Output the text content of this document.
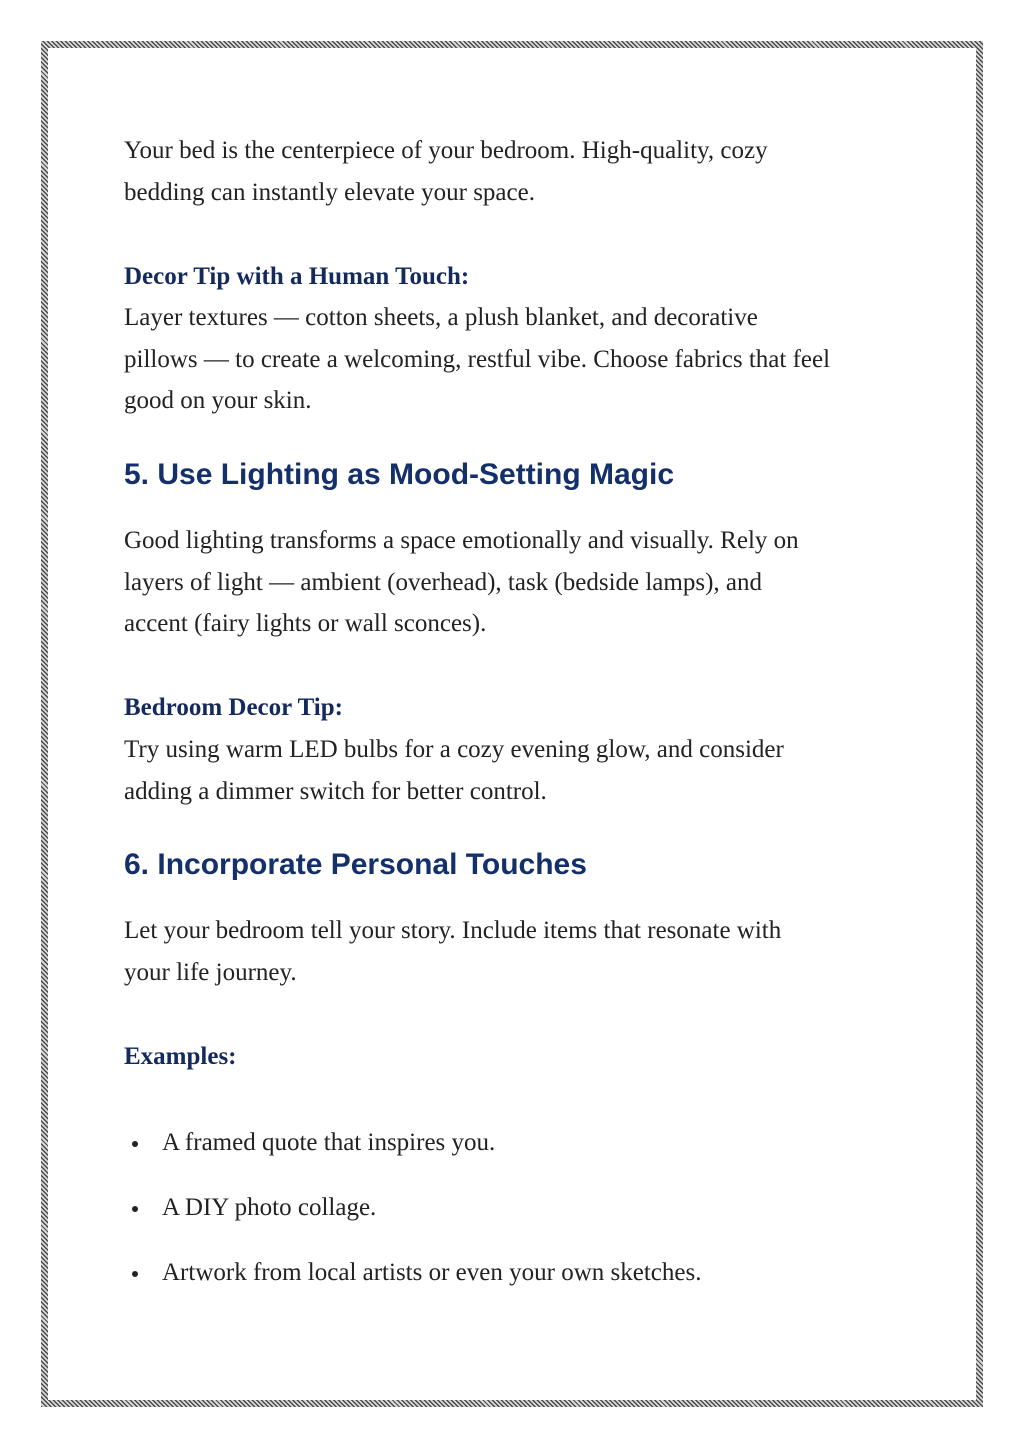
Your bed is the centerpiece of your bedroom. High-quality, cozy
bedding can instantly elevate your space.
Decor Tip with a Human Touch:
Layer textures — cotton sheets, a plush blanket, and decorative
pillows — to create a welcoming, restful vibe. Choose fabrics that feel
good on your skin.
5. Use Lighting as Mood-Setting Magic
Good lighting transforms a space emotionally and visually. Rely on
layers of light — ambient (overhead), task (bedside lamps), and
accent (fairy lights or wall sconces).
Bedroom Decor Tip:
Try using warm LED bulbs for a cozy evening glow, and consider
adding a dimmer switch for better control.
6. Incorporate Personal Touches
Let your bedroom tell your story. Include items that resonate with
your life journey.
Examples:
A framed quote that inspires you.
A DIY photo collage.
Artwork from local artists or even your own sketches.
